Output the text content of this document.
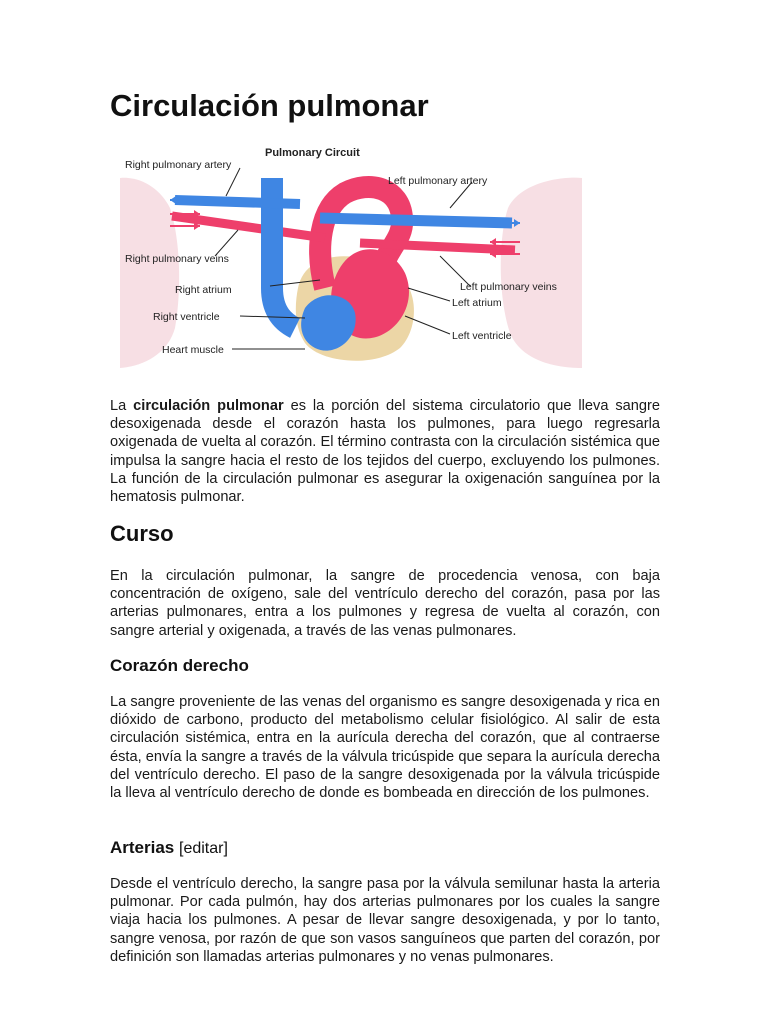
Circulación pulmonar

La circulación pulmonar es la porción del sistema circulatorio que lleva sangre desoxigenada desde el corazón hasta los pulmones, para luego regresarla oxigenada de vuelta al corazón. El término contrasta con la circulación sistémica que impulsa la sangre hacia el resto de los tejidos del cuerpo, excluyendo los pulmones. La función de la circulación pulmonar es asegurar la oxigenación sanguínea por la hematosis pulmonar.

Curso

En la circulación pulmonar, la sangre de procedencia venosa, con baja concentración de oxígeno, sale del ventrículo derecho del corazón, pasa por las arterias pulmonares, entra a los pulmones y regresa de vuelta al corazón, con sangre arterial y oxigenada, a través de las venas pulmonares.

Corazón derecho

La sangre proveniente de las venas del organismo es sangre desoxigenada y rica en dióxido de carbono, producto del metabolismo celular fisiológico. Al salir de esta circulación sistémica, entra en la aurícula derecha del corazón, que al contraerse ésta, envía la sangre a través de la válvula tricúspide que separa la aurícula derecha del ventrículo derecho. El paso de la sangre desoxigenada por la válvula tricúspide la lleva al ventrículo derecho de donde es bombeada en dirección de los pulmones.

Arterias [editar]

Desde el ventrículo derecho, la sangre pasa por la válvula semilunar hasta la arteria pulmonar. Por cada pulmón, hay dos arterias pulmonares por los cuales la sangre viaja hacia los pulmones. A pesar de llevar sangre desoxigenada, y por lo tanto, sangre venosa, por razón de que son vasos sanguíneos que parten del corazón, por definición son llamadas arterias pulmonares y no venas pulmonares.

Pulmonary Circuit
Right pulmonary artery
Left pulmonary artery
Right pulmonary veins
Right atrium
Right ventricle
Heart muscle
Left pulmonary veins
Left atrium
Left ventricle
